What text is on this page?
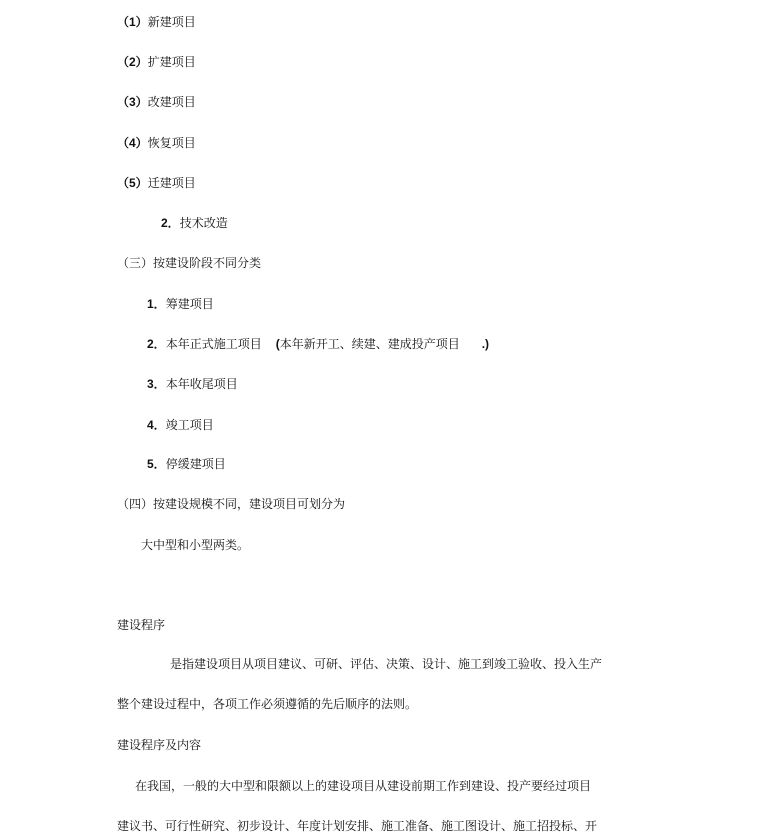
（1）新建项目
（2）扩建项目
（3）改建项目
（4）恢复项目
（5）迁建项目
2．技术改造
（三）按建设阶段不同分类
1．筹建项目
2．本年正式施工项目 (本年新开工、续建、建成投产项目 .)
3．本年收尾项目
4．竣工项目
5．停缓建项目
（四）按建设规模不同，建设项目可划分为
大中型和小型两类。
建设程序
是指建设项目从项目建议、可研、评估、决策、设计、施工到竣工验收、投入生产
整个建设过程中，各项工作必须遵循的先后顺序的法则。
建设程序及内容
在我国，一般的大中型和限额以上的建设项目从建设前期工作到建设、投产要经过项目
建议书、可行性研究、初步设计、年度计划安排、施工准备、施工图设计、施工招投标、开
